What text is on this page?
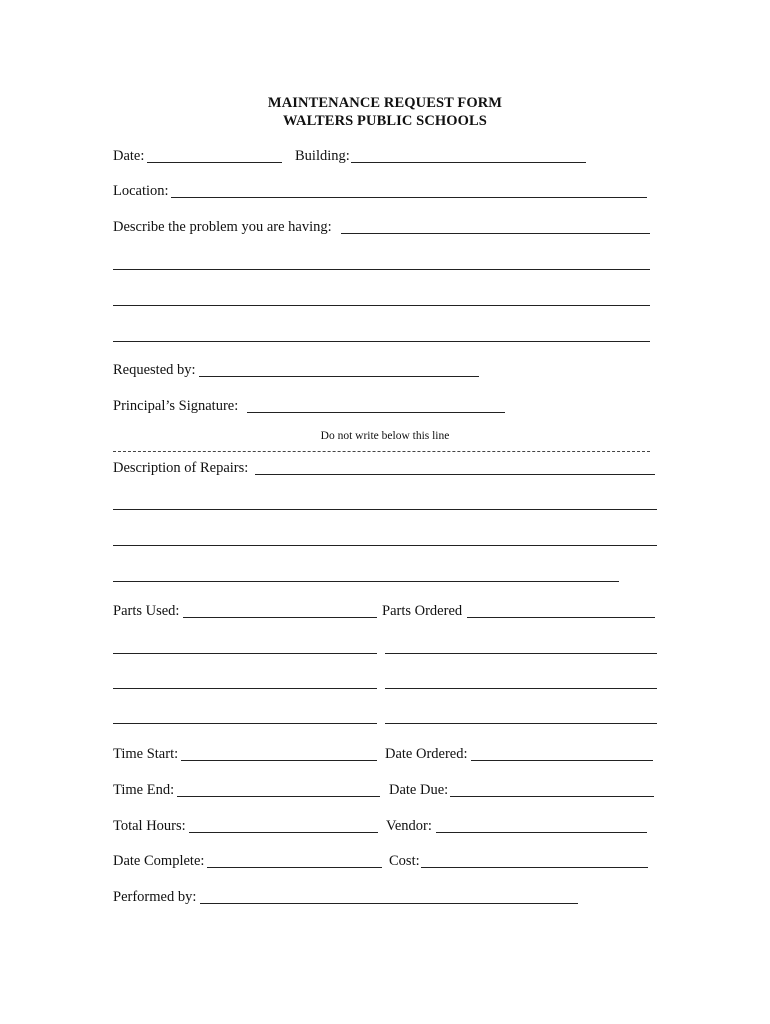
MAINTENANCE REQUEST FORM
WALTERS PUBLIC SCHOOLS
Date:	Building:
Location:
Describe the problem you are having:
Requested by:
Principal’s Signature:
Do not write below this line
Description of Repairs:
Parts Used:	Parts Ordered
Time Start:	Date Ordered:
Time End:	Date Due:
Total Hours:	Vendor:
Date Complete:	Cost:
Performed by:
